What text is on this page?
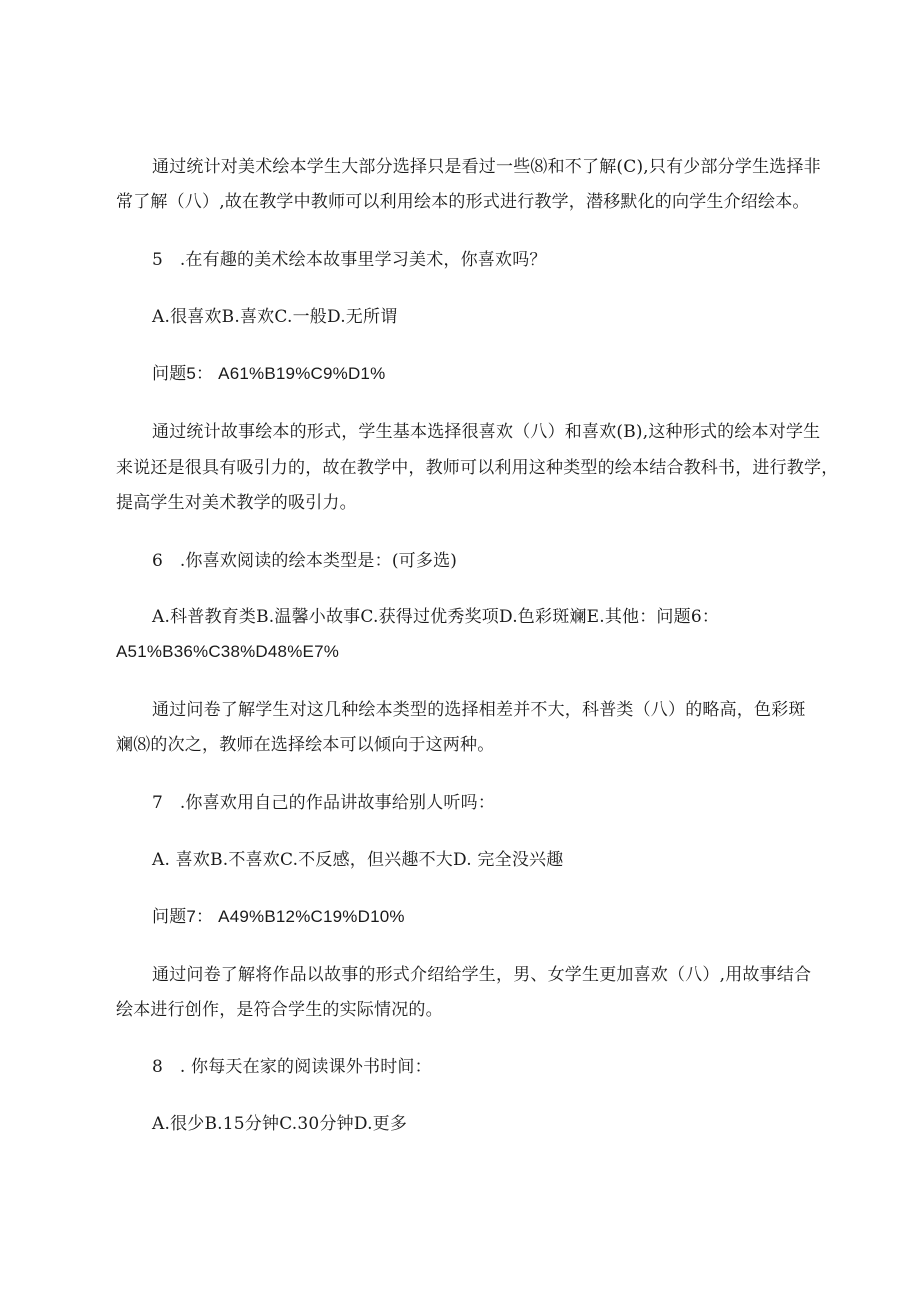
通过统计对美术绘本学生大部分选择只是看过一些⑻和不了解(C),只有少部分学生选择非

常了解（八）,故在教学中教师可以利用绘本的形式进行教学，潜移默化的向学生介绍绘本。

5   .在有趣的美术绘本故事里学习美术，你喜欢吗？

A.很喜欢B.喜欢C.一般D.无所谓

问题5： A61%B19%C9%D1%

通过统计故事绘本的形式，学生基本选择很喜欢（八）和喜欢(B),这种形式的绘本对学生

来说还是很具有吸引力的，故在教学中，教师可以利用这种类型的绘本结合教科书，进行教学，

提高学生对美术教学的吸引力。

6   .你喜欢阅读的绘本类型是：(可多选)

A.科普教育类B.温馨小故事C.获得过优秀奖项D.色彩斑斓E.其他：问题6：

A51%B36%C38%D48%E7%

通过问卷了解学生对这几种绘本类型的选择相差并不大，科普类（八）的略高，色彩斑

斓⑻的次之，教师在选择绘本可以倾向于这两种。

7   .你喜欢用自己的作品讲故事给别人听吗：

A. 喜欢B.不喜欢C.不反感，但兴趣不大D. 完全没兴趣

问题7： A49%B12%C19%D10%

通过问卷了解将作品以故事的形式介绍给学生，男、女学生更加喜欢（八）,用故事结合

绘本进行创作，是符合学生的实际情况的。

8   . 你每天在家的阅读课外书时间：

A.很少B.15分钟C.30分钟D.更多
